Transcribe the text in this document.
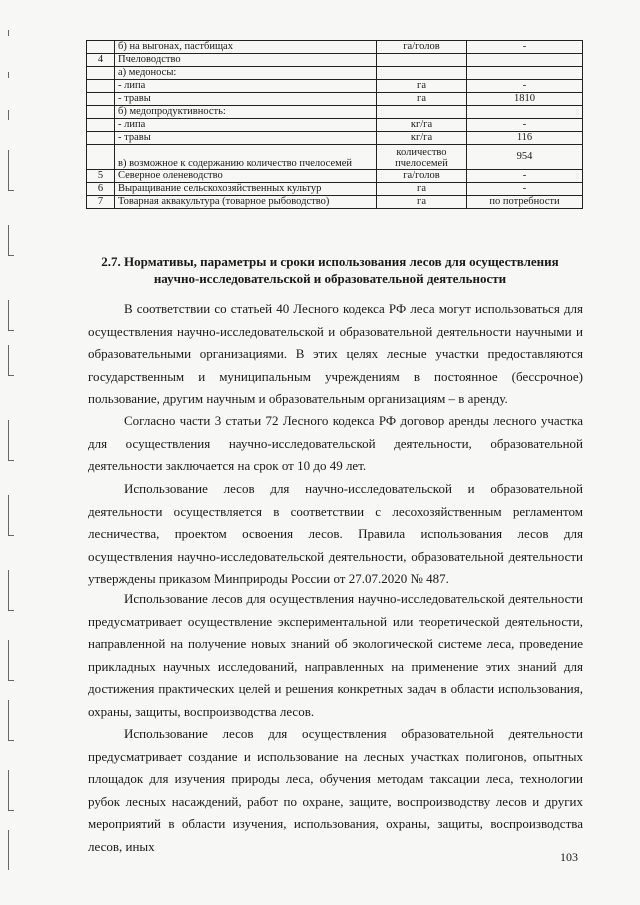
	б) на выгонах, пастбищах	га/голов	-
4	Пчеловодство		
	а) медоносы:		
	- липа	га	-
	- травы	га	1810
	б) медопродуктивность:		
	- липа	кг/га	-
	- травы	кг/га	116
	в) возможное к содержанию количество пчелосемей	количество пчелосемей	954
5	Северное оленеводство	га/голов	-
6	Выращивание сельскохозяйственных культур	га	-
7	Товарная аквакультура (товарное рыбоводство)	га	по потребности
2.7. Нормативы, параметры и сроки использования лесов для осуществления научно-исследовательской и образовательной деятельности

В соответствии со статьей 40 Лесного кодекса РФ леса могут использоваться для осуществления научно-исследовательской и образовательной деятельности научными и образовательными организациями. В этих целях лесные участки предоставляются государственным и муниципальным учреждениям в постоянное (бессрочное) пользование, другим научным и образовательным организациям – в аренду.

Согласно части 3 статьи 72 Лесного кодекса РФ договор аренды лесного участка для осуществления научно-исследовательской деятельности, образовательной деятельности заключается на срок от 10 до 49 лет.

Использование лесов для научно-исследовательской и образовательной деятельности осуществляется в соответствии с лесохозяйственным регламентом лесничества, проектом освоения лесов. Правила использования лесов для осуществления научно-исследовательской деятельности, образовательной деятельности утверждены приказом Минприроды России от 27.07.2020 № 487.

Использование лесов для осуществления научно-исследовательской деятельности предусматривает осуществление экспериментальной или теоретической деятельности, направленной на получение новых знаний об экологической системе леса, проведение прикладных научных исследований, направленных на применение этих знаний для достижения практических целей и решения конкретных задач в области использования, охраны, защиты, воспроизводства лесов.

Использование лесов для осуществления образовательной деятельности предусматривает создание и использование на лесных участках полигонов, опытных площадок для изучения природы леса, обучения методам таксации леса, технологии рубок лесных насаждений, работ по охране, защите, воспроизводству лесов и других мероприятий в области изучения, использования, охраны, защиты, воспроизводства лесов, иных

103
